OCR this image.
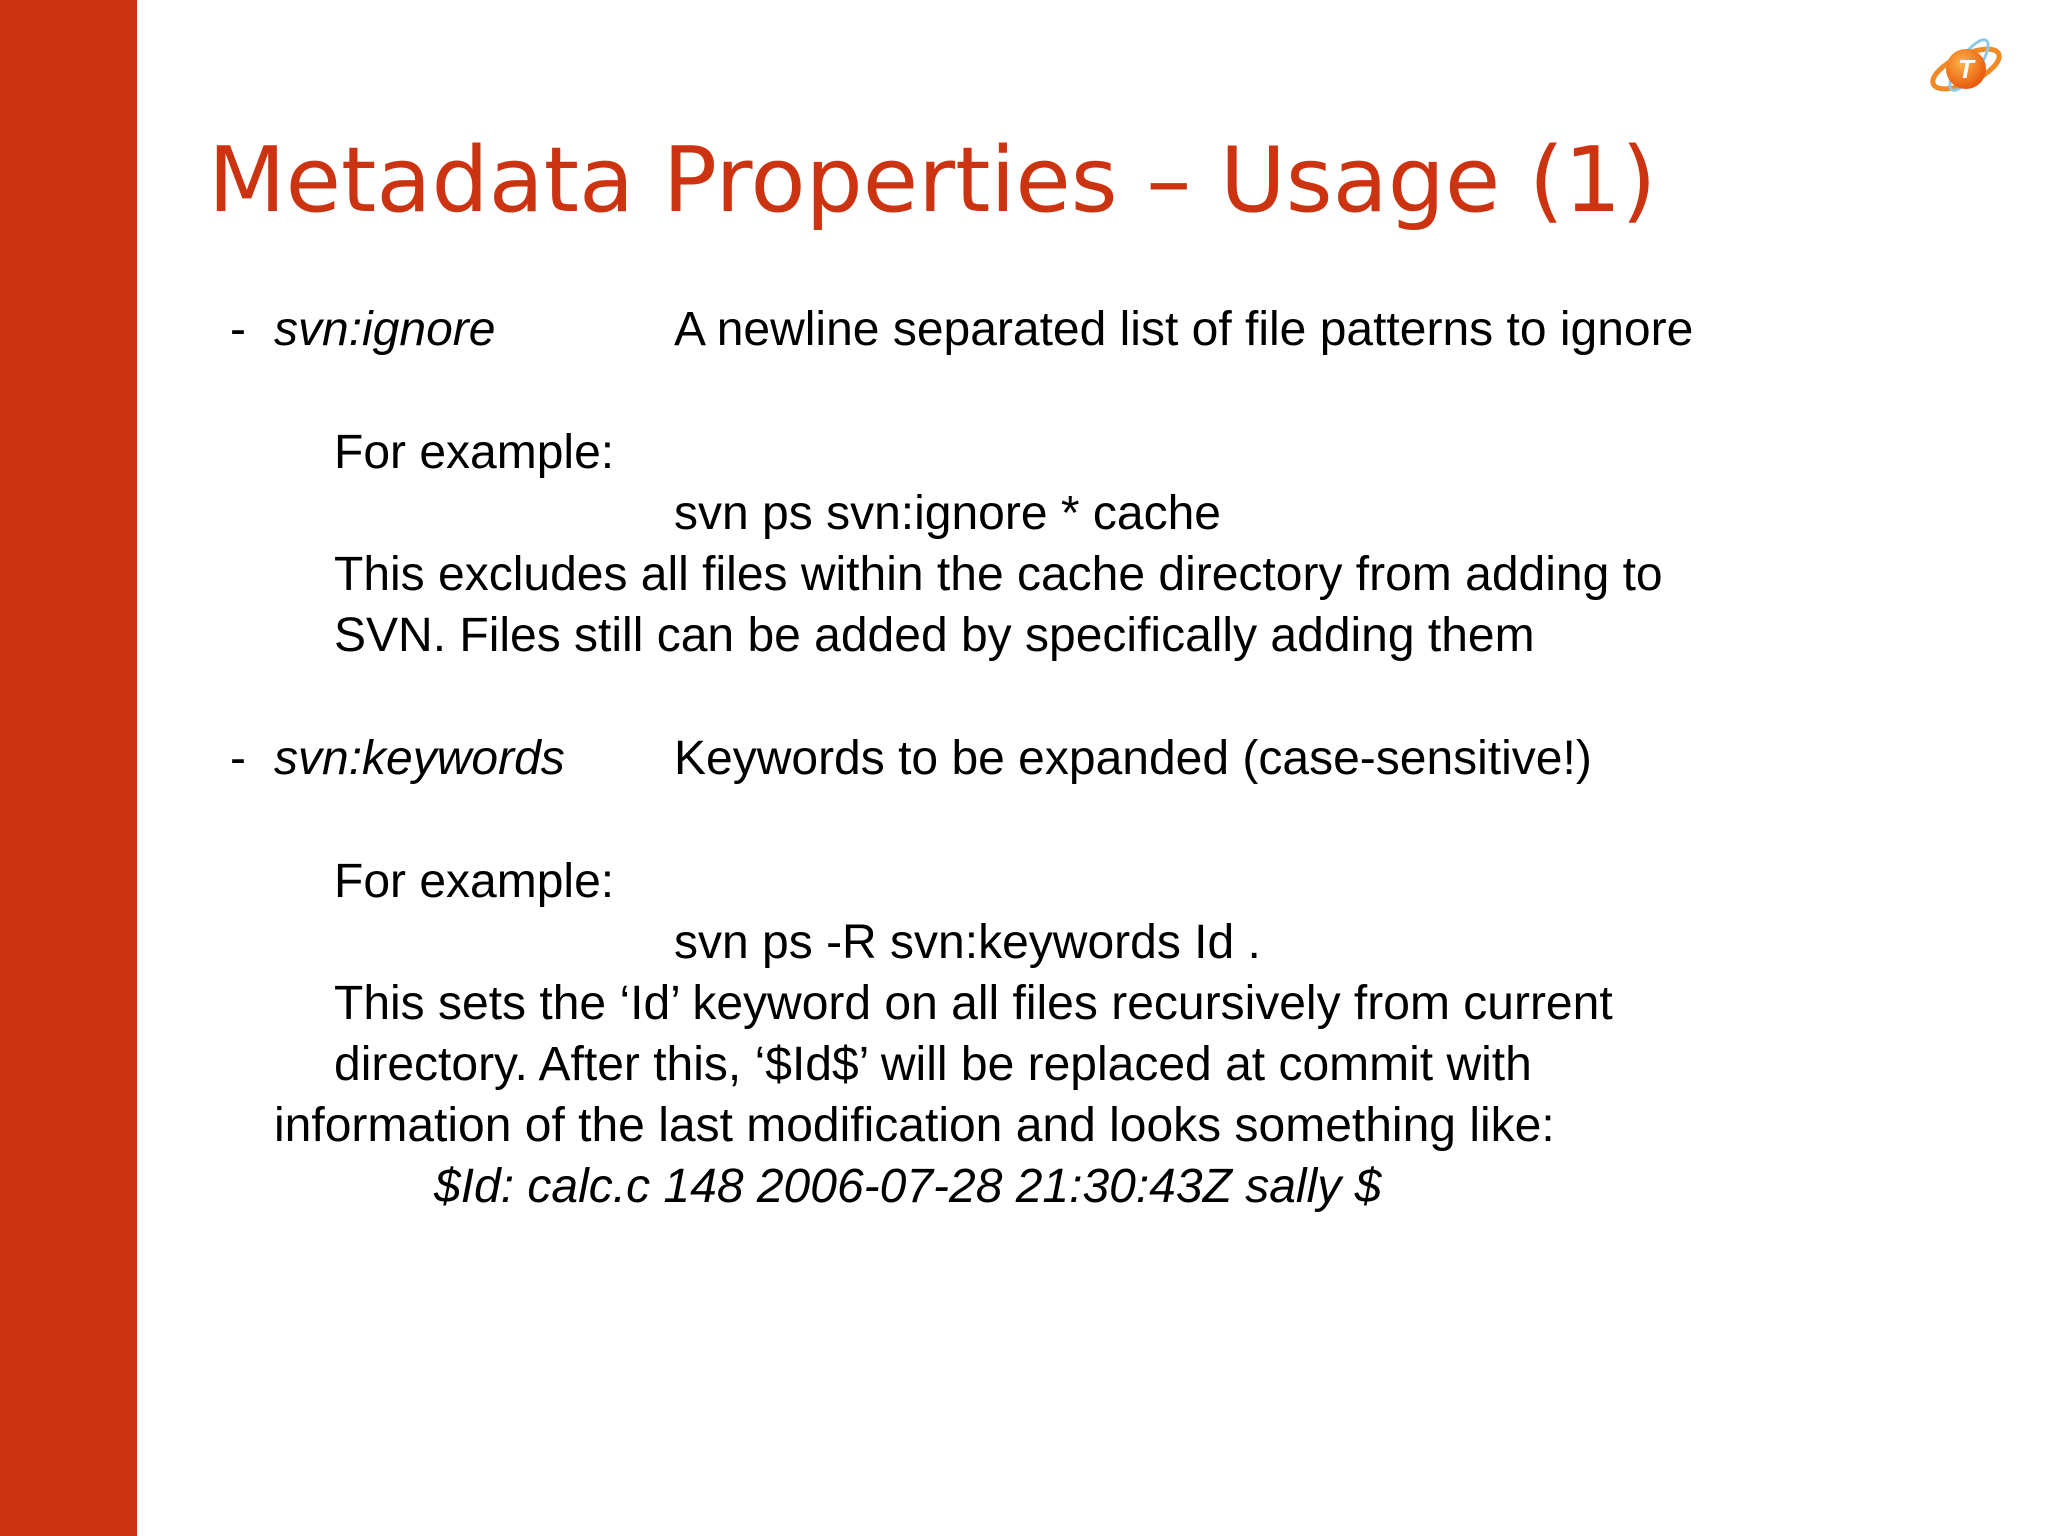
T
Metadata Properties – Usage (1)
- svn:ignore	A newline separated list of file patterns to ignore
For example:
svn ps svn:ignore * cache
This excludes all files within the cache directory from adding to
SVN. Files still can be added by specifically adding them
- svn:keywords Keywords to be expanded (case-sensitive!)
For example:
svn ps -R svn:keywords Id .
This sets the ‘Id’ keyword on all files recursively from current
directory. After this, ‘$Id$’ will be replaced at commit with
information of the last modification and looks something like:
$Id: calc.c 148 2006-07-28 21:30:43Z sally $
